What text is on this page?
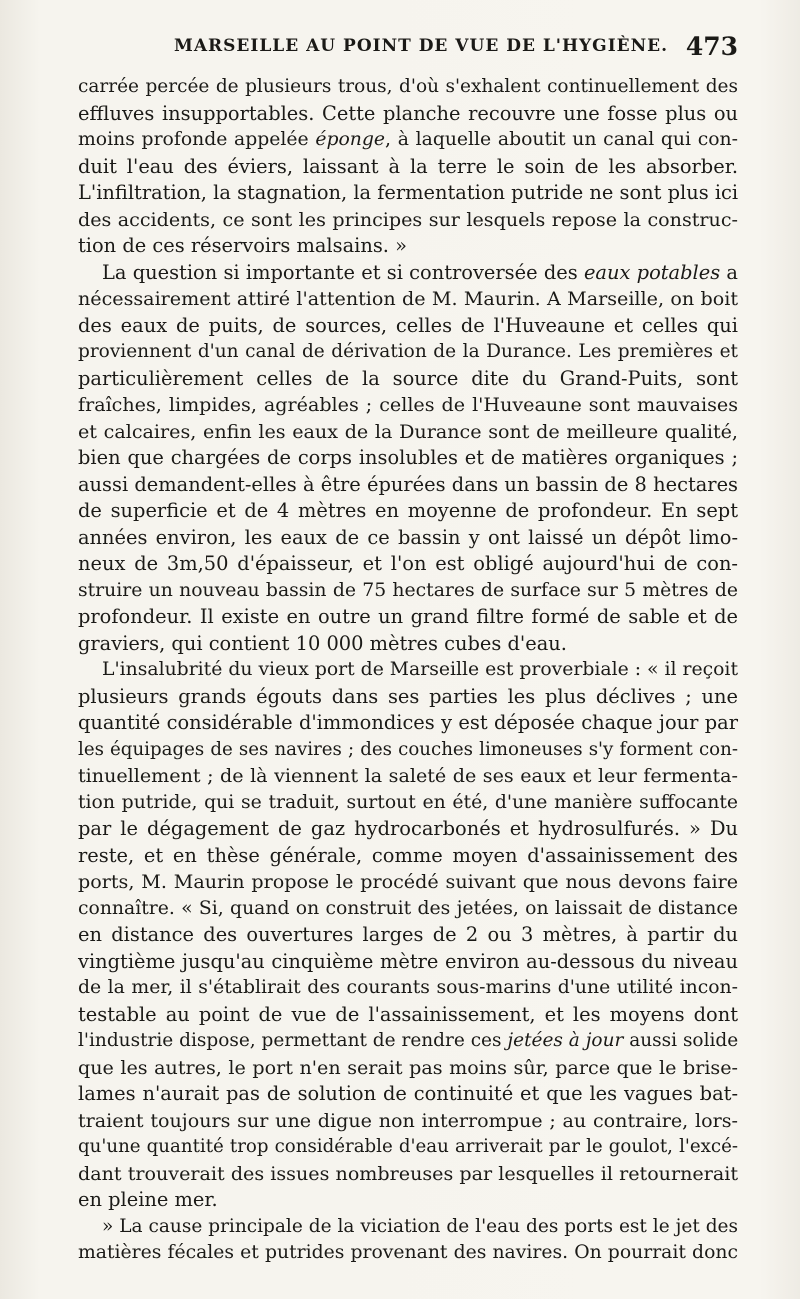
MARSEILLE AU POINT DE VUE DE L'HYGIÈNE. 473
carrée percée de plusieurs trous, d'où s'exhalent continuellement des
effluves insupportables. Cette planche recouvre une fosse plus ou
moins profonde appelée éponge, à laquelle aboutit un canal qui con-
duit l'eau des éviers, laissant à la terre le soin de les absorber.
L'infiltration, la stagnation, la fermentation putride ne sont plus ici
des accidents, ce sont les principes sur lesquels repose la construc-
tion de ces réservoirs malsains. »
La question si importante et si controversée des eaux potables a
nécessairement attiré l'attention de M. Maurin. A Marseille, on boit
des eaux de puits, de sources, celles de l'Huveaune et celles qui
proviennent d'un canal de dérivation de la Durance. Les premières et
particulièrement celles de la source dite du Grand-Puits, sont
fraîches, limpides, agréables ; celles de l'Huveaune sont mauvaises
et calcaires, enfin les eaux de la Durance sont de meilleure qualité,
bien que chargées de corps insolubles et de matières organiques ;
aussi demandent-elles à être épurées dans un bassin de 8 hectares
de superficie et de 4 mètres en moyenne de profondeur. En sept
années environ, les eaux de ce bassin y ont laissé un dépôt limo-
neux de 3m,50 d'épaisseur, et l'on est obligé aujourd'hui de con-
struire un nouveau bassin de 75 hectares de surface sur 5 mètres de
profondeur. Il existe en outre un grand filtre formé de sable et de
graviers, qui contient 10 000 mètres cubes d'eau.
L'insalubrité du vieux port de Marseille est proverbiale : « il reçoit
plusieurs grands égouts dans ses parties les plus déclives ; une
quantité considérable d'immondices y est déposée chaque jour par
les équipages de ses navires ; des couches limoneuses s'y forment con-
tinuellement ; de là viennent la saleté de ses eaux et leur fermenta-
tion putride, qui se traduit, surtout en été, d'une manière suffocante
par le dégagement de gaz hydrocarbonés et hydrosulfurés. » Du
reste, et en thèse générale, comme moyen d'assainissement des
ports, M. Maurin propose le procédé suivant que nous devons faire
connaître. « Si, quand on construit des jetées, on laissait de distance
en distance des ouvertures larges de 2 ou 3 mètres, à partir du
vingtième jusqu'au cinquième mètre environ au-dessous du niveau
de la mer, il s'établirait des courants sous-marins d'une utilité incon-
testable au point de vue de l'assainissement, et les moyens dont
l'industrie dispose, permettant de rendre ces jetées à jour aussi solide
que les autres, le port n'en serait pas moins sûr, parce que le brise-
lames n'aurait pas de solution de continuité et que les vagues bat-
traient toujours sur une digue non interrompue ; au contraire, lors-
qu'une quantité trop considérable d'eau arriverait par le goulot, l'excé-
dant trouverait des issues nombreuses par lesquelles il retournerait
en pleine mer.
» La cause principale de la viciation de l'eau des ports est le jet des
matières fécales et putrides provenant des navires. On pourrait donc
